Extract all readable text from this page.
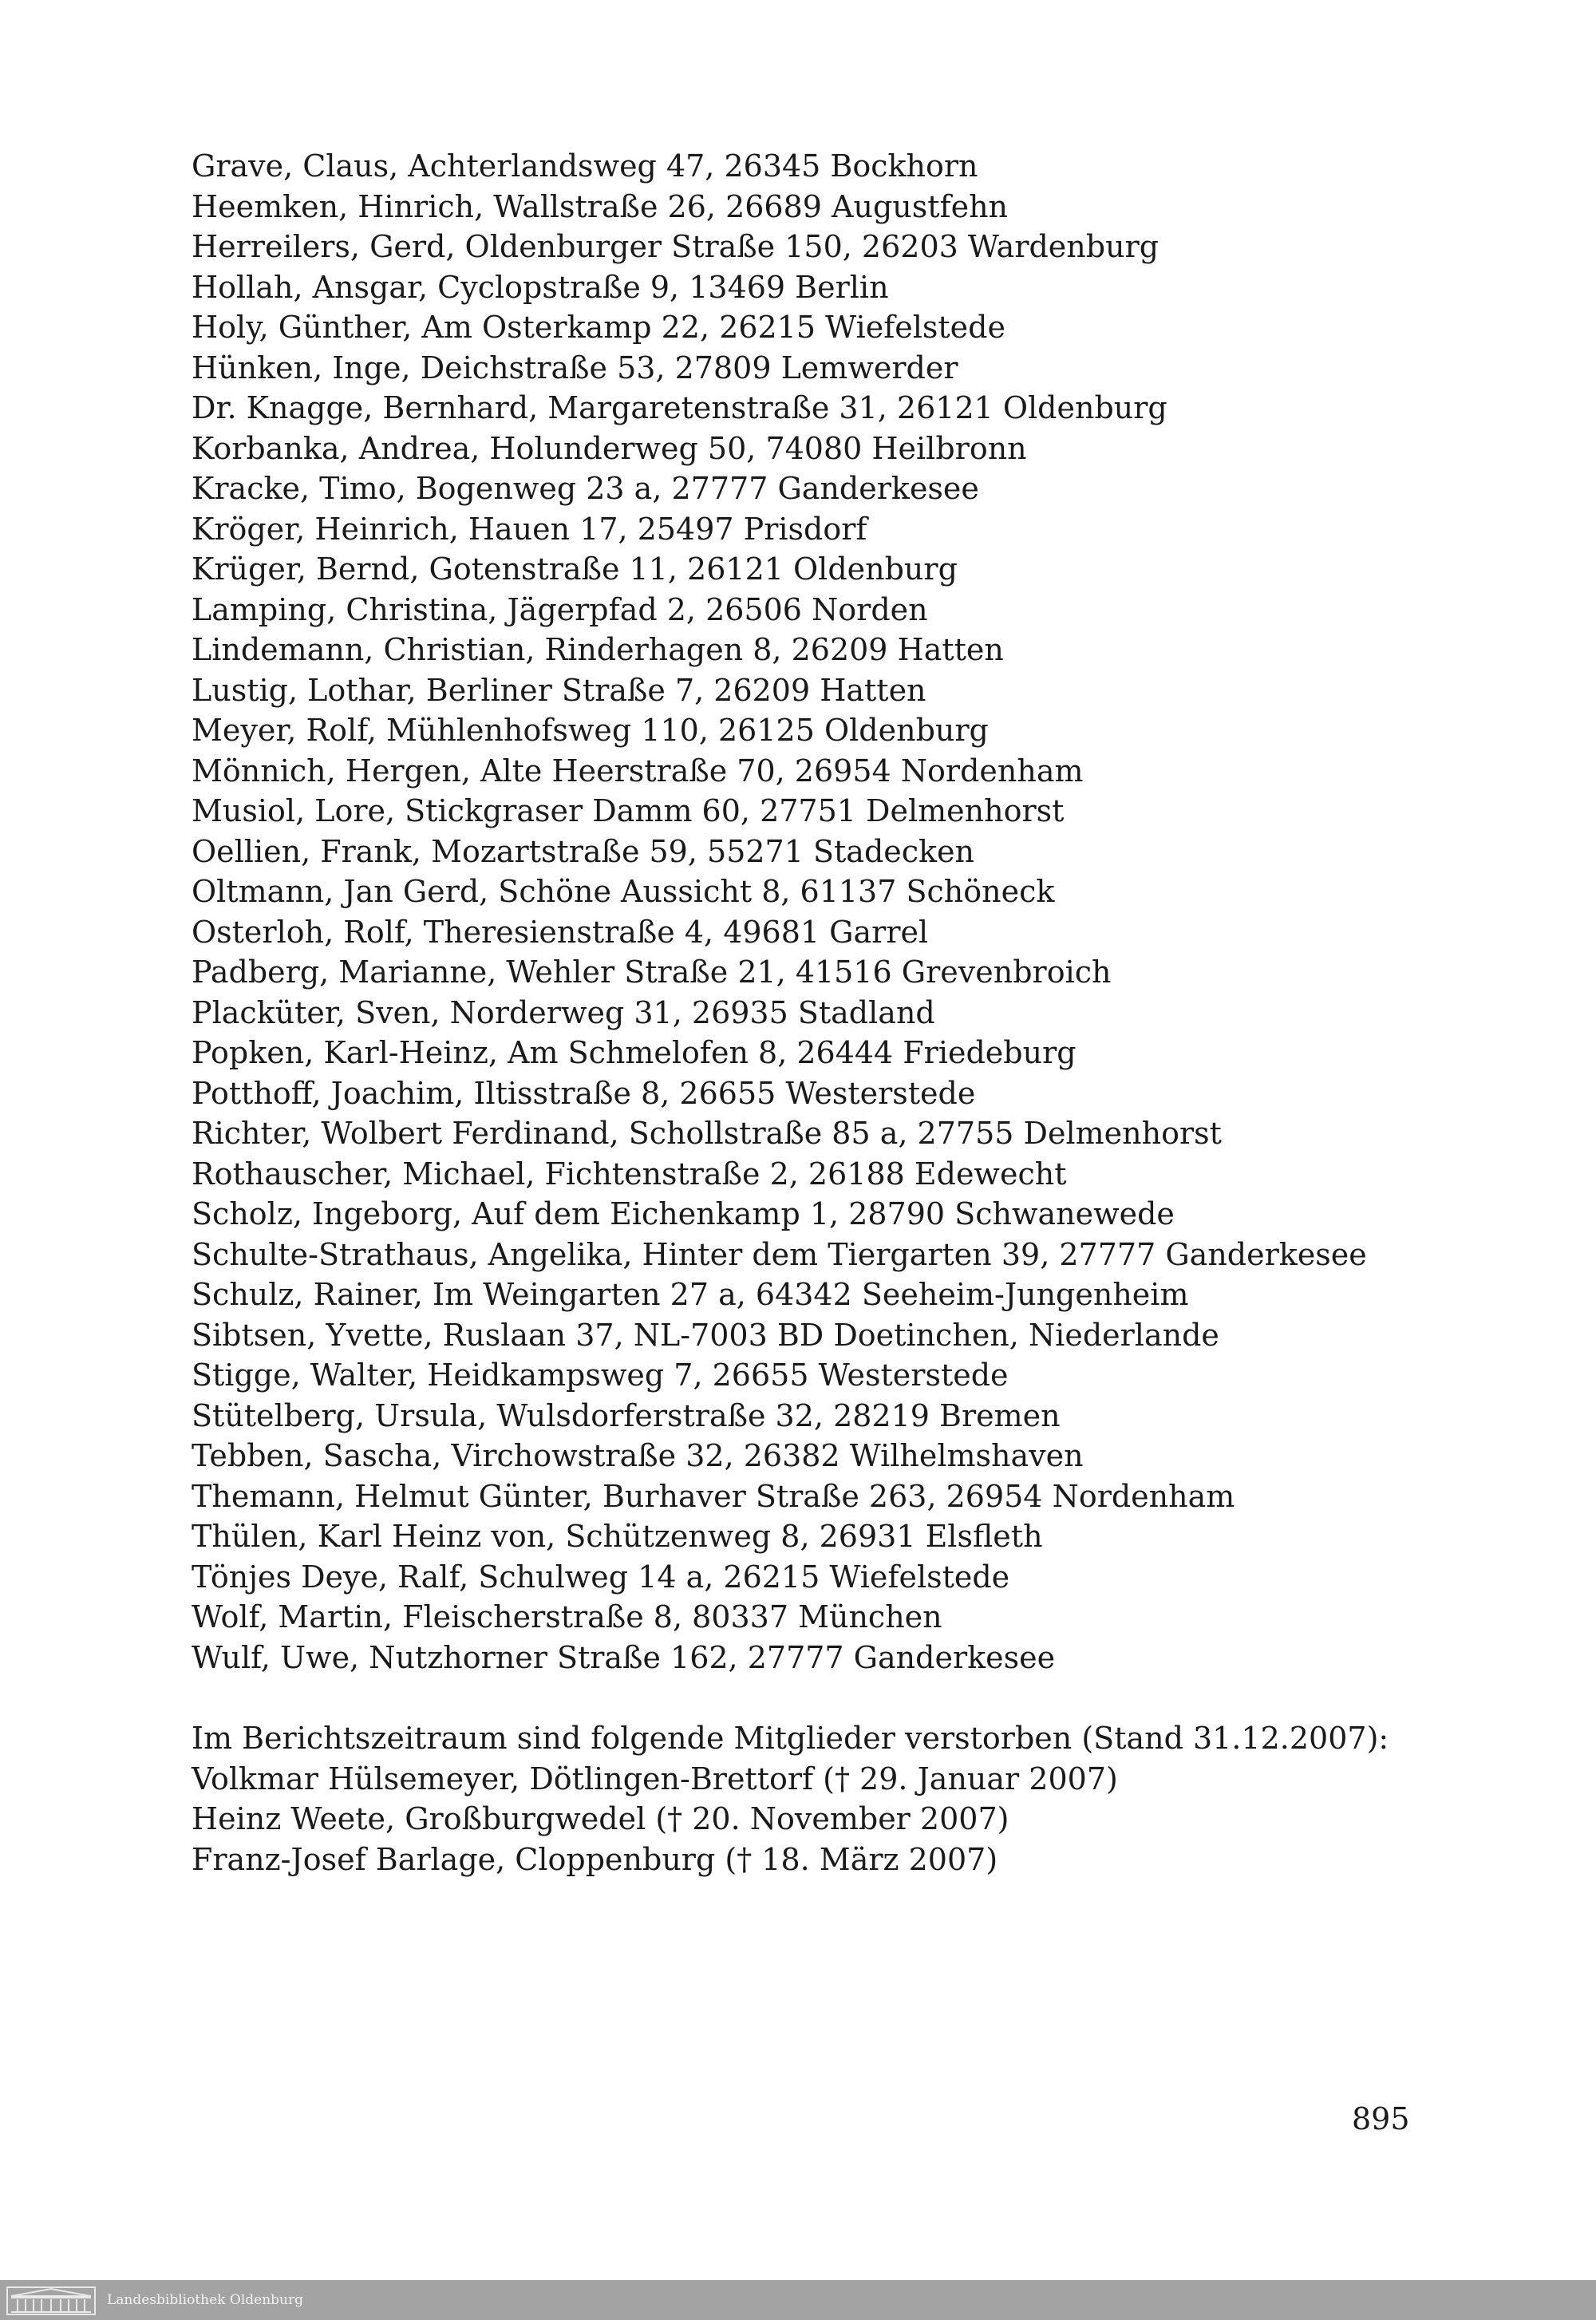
Grave, Claus, Achterlandsweg 47, 26345 Bockhorn
Heemken, Hinrich, Wallstraße 26, 26689 Augustfehn
Herreilers, Gerd, Oldenburger Straße 150, 26203 Wardenburg
Hollah, Ansgar, Cyclopstraße 9, 13469 Berlin
Holy, Günther, Am Osterkamp 22, 26215 Wiefelstede
Hünken, Inge, Deichstraße 53, 27809 Lemwerder
Dr. Knagge, Bernhard, Margaretenstraße 31, 26121 Oldenburg
Korbanka, Andrea, Holunderweg 50, 74080 Heilbronn
Kracke, Timo, Bogenweg 23 a, 27777 Ganderkesee
Kröger, Heinrich, Hauen 17, 25497 Prisdorf
Krüger, Bernd, Gotenstraße 11, 26121 Oldenburg
Lamping, Christina, Jägerpfad 2, 26506 Norden
Lindemann, Christian, Rinderhagen 8, 26209 Hatten
Lustig, Lothar, Berliner Straße 7, 26209 Hatten
Meyer, Rolf, Mühlenhofsweg 110, 26125 Oldenburg
Mönnich, Hergen, Alte Heerstraße 70, 26954 Nordenham
Musiol, Lore, Stickgraser Damm 60, 27751 Delmenhorst
Oellien, Frank, Mozartstraße 59, 55271 Stadecken
Oltmann, Jan Gerd, Schöne Aussicht 8, 61137 Schöneck
Osterloh, Rolf, Theresienstraße 4, 49681 Garrel
Padberg, Marianne, Wehler Straße 21, 41516 Grevenbroich
Placküter, Sven, Norderweg 31, 26935 Stadland
Popken, Karl-Heinz, Am Schmelofen 8, 26444 Friedeburg
Potthoff, Joachim, Iltisstraße 8, 26655 Westerstede
Richter, Wolbert Ferdinand, Schollstraße 85 a, 27755 Delmenhorst
Rothauscher, Michael, Fichtenstraße 2, 26188 Edewecht
Scholz, Ingeborg, Auf dem Eichenkamp 1, 28790 Schwanewede
Schulte-Strathaus, Angelika, Hinter dem Tiergarten 39, 27777 Ganderkesee
Schulz, Rainer, Im Weingarten 27 a, 64342 Seeheim-Jungenheim
Sibtsen, Yvette, Ruslaan 37, NL-7003 BD Doetinchen, Niederlande
Stigge, Walter, Heidkampsweg 7, 26655 Westerstede
Stütelberg, Ursula, Wulsdorferstraße 32, 28219 Bremen
Tebben, Sascha, Virchowstraße 32, 26382 Wilhelmshaven
Themann, Helmut Günter, Burhaver Straße 263, 26954 Nordenham
Thülen, Karl Heinz von, Schützenweg 8, 26931 Elsfleth
Tönjes Deye, Ralf, Schulweg 14 a, 26215 Wiefelstede
Wolf, Martin, Fleischerstraße 8, 80337 München
Wulf, Uwe, Nutzhorner Straße 162, 27777 Ganderkesee
Im Berichtszeitraum sind folgende Mitglieder verstorben (Stand 31.12.2007):
Volkmar Hülsemeyer, Dötlingen-Brettorf († 29. Januar 2007)
Heinz Weete, Großburgwedel († 20. November 2007)
Franz-Josef Barlage, Cloppenburg († 18. März 2007)
895
Landesbibliothek Oldenburg
